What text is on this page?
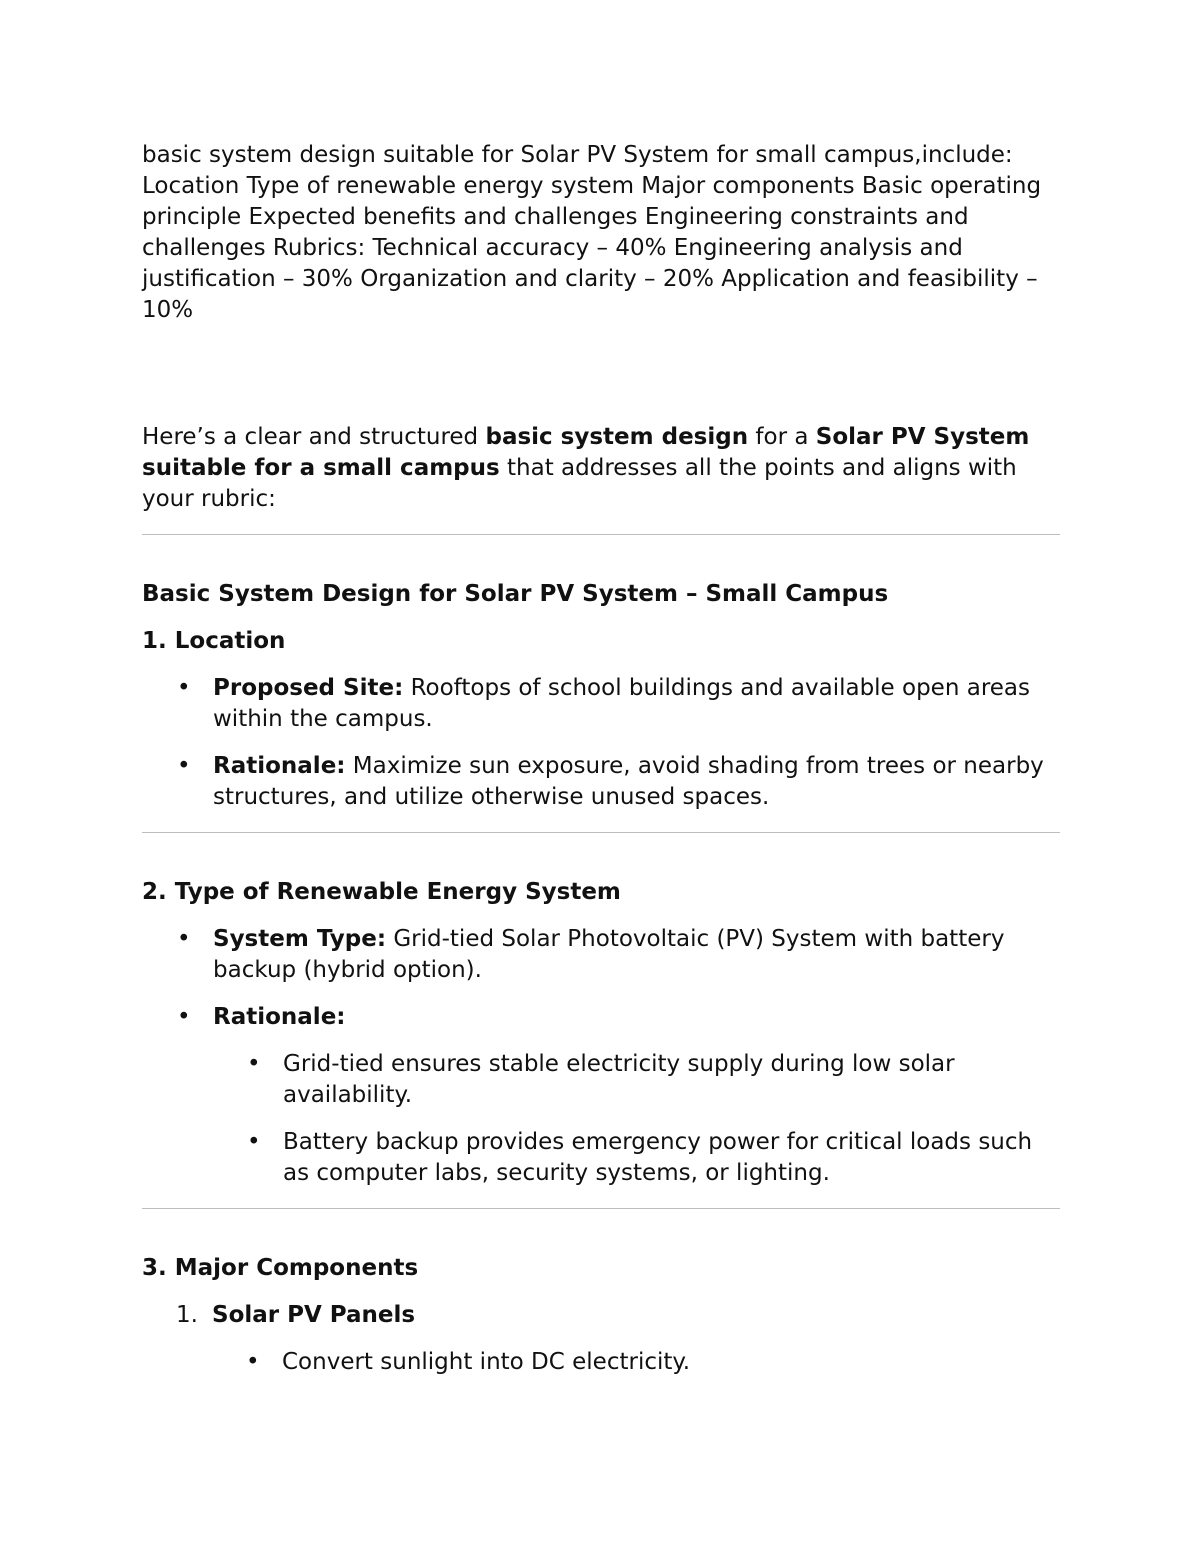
basic system design suitable for Solar PV System for small campus,include: Location Type of renewable energy system Major components Basic operating principle Expected benefits and challenges Engineering constraints and challenges Rubrics: Technical accuracy – 40% Engineering analysis and justification – 30% Organization and clarity – 20% Application and feasibility – 10%

Here’s a clear and structured basic system design for a Solar PV System suitable for a small campus that addresses all the points and aligns with your rubric:

Basic System Design for Solar PV System – Small Campus

1. Location

• Proposed Site: Rooftops of school buildings and available open areas within the campus.
• Rationale: Maximize sun exposure, avoid shading from trees or nearby structures, and utilize otherwise unused spaces.

2. Type of Renewable Energy System

• System Type: Grid-tied Solar Photovoltaic (PV) System with battery backup (hybrid option).
• Rationale:
• Grid-tied ensures stable electricity supply during low solar availability.
• Battery backup provides emergency power for critical loads such as computer labs, security systems, or lighting.

3. Major Components

1. Solar PV Panels
• Convert sunlight into DC electricity.
